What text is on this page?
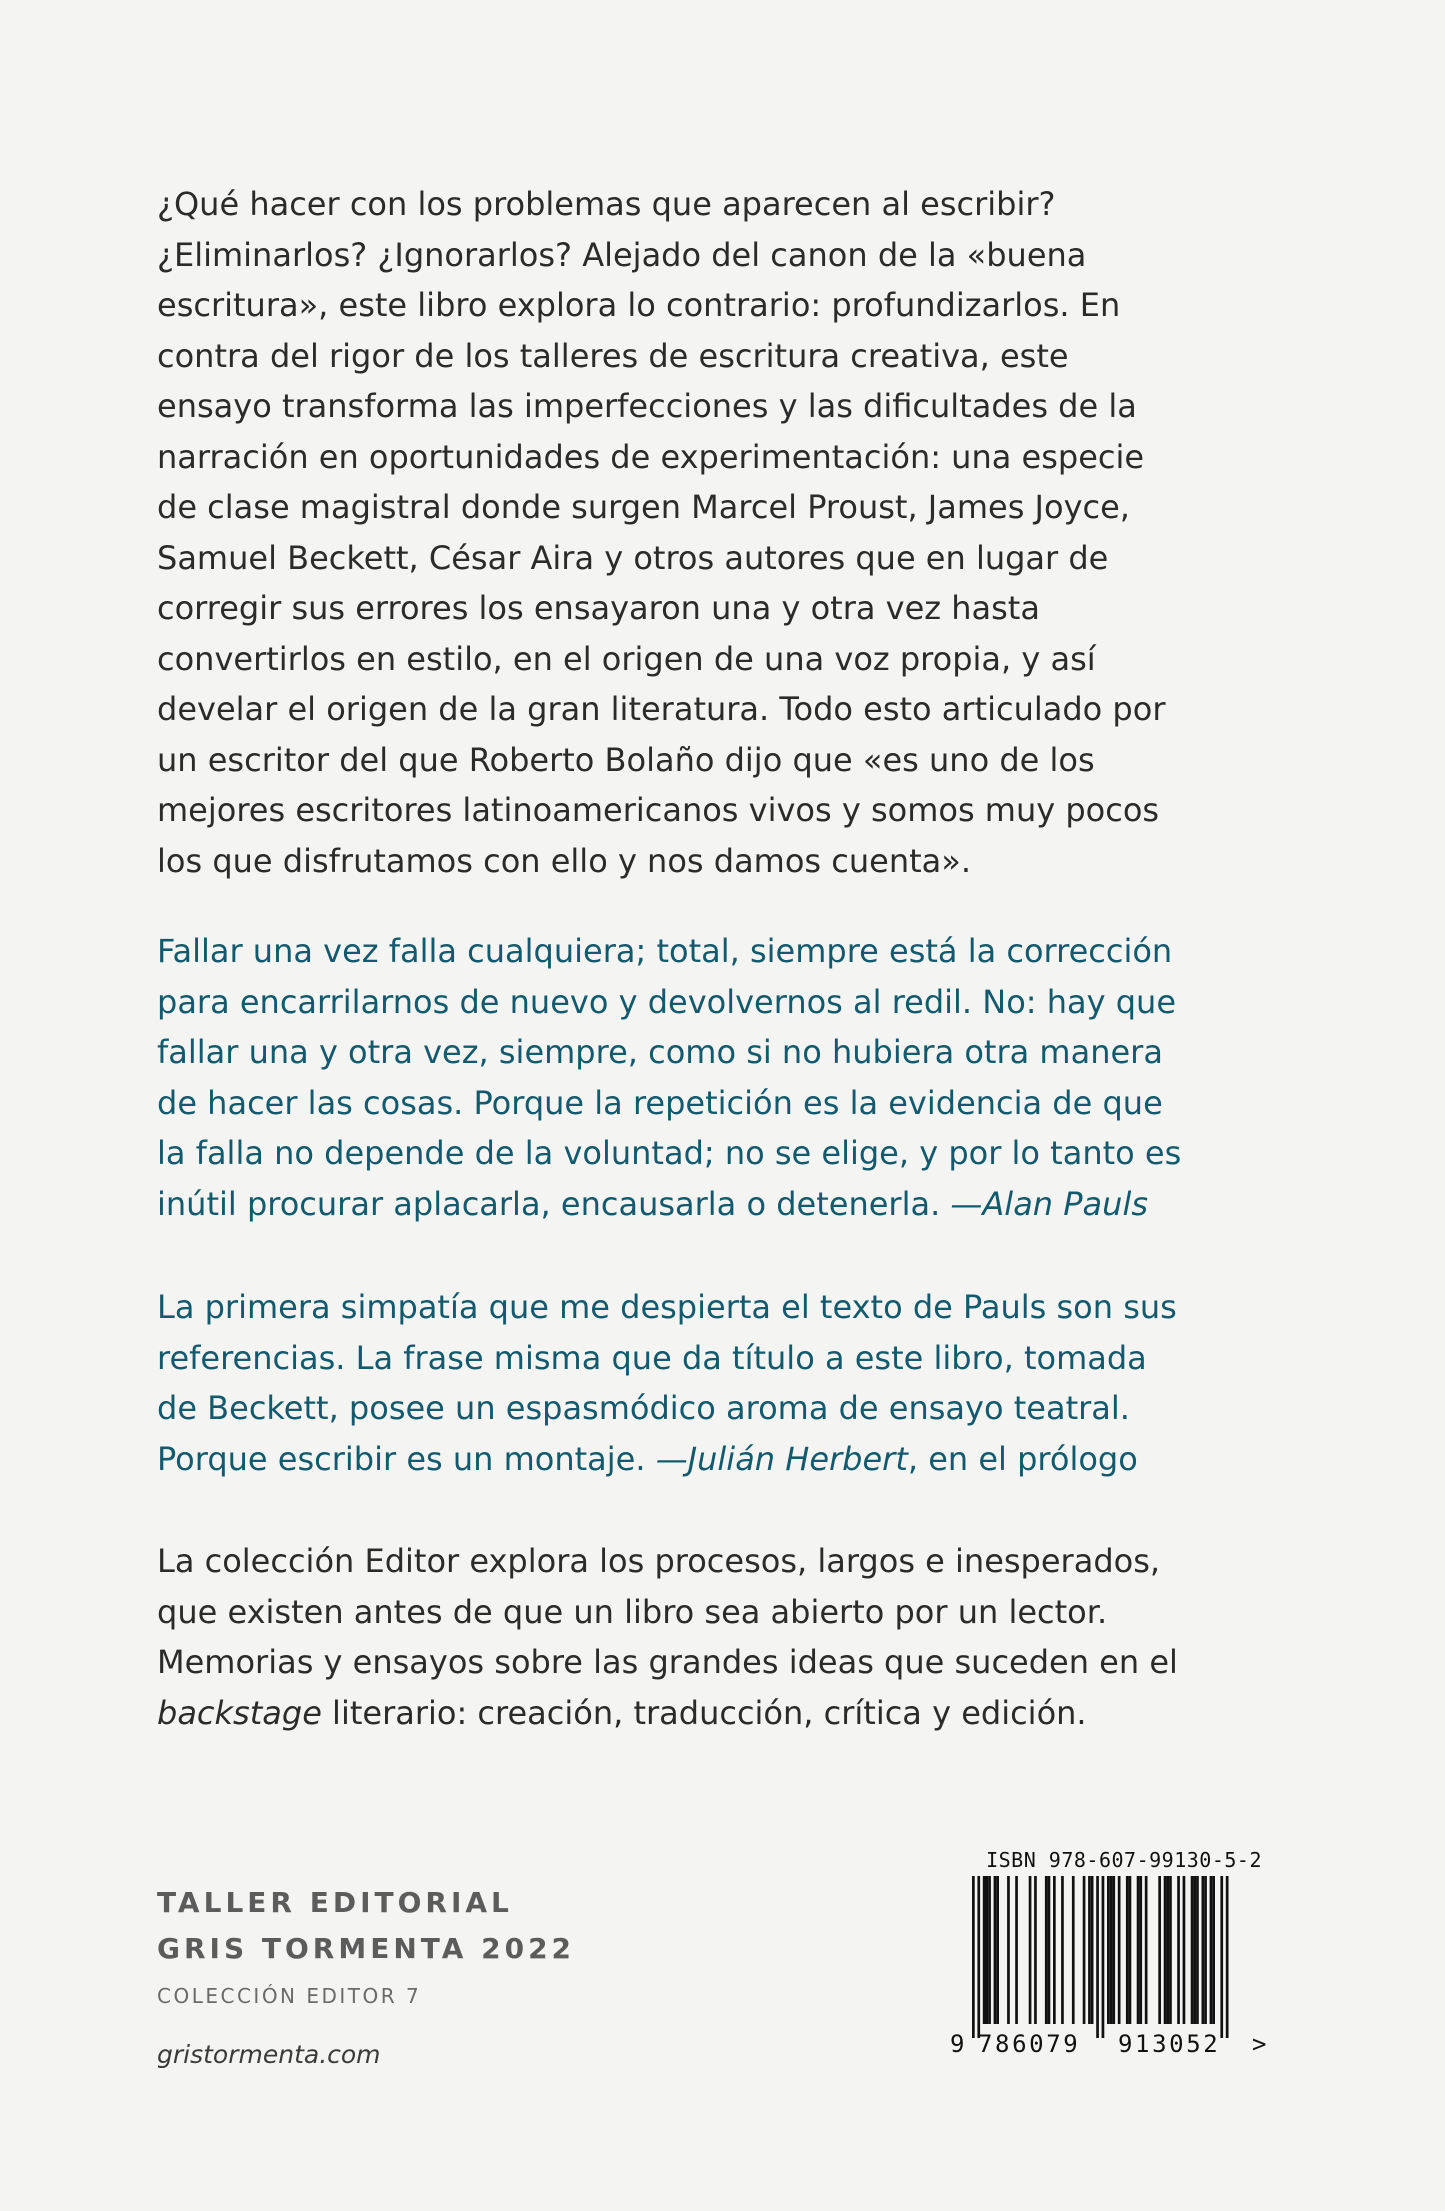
¿Qué hacer con los problemas que aparecen al escribir?
¿Eliminarlos? ¿Ignorarlos? Alejado del canon de la «buena
escritura», este libro explora lo contrario: profundizarlos. En
contra del rigor de los talleres de escritura creativa, este
ensayo transforma las imperfecciones y las dificultades de la
narración en oportunidades de experimentación: una especie
de clase magistral donde surgen Marcel Proust, James Joyce,
Samuel Beckett, César Aira y otros autores que en lugar de
corregir sus errores los ensayaron una y otra vez hasta
convertirlos en estilo, en el origen de una voz propia, y así
develar el origen de la gran literatura. Todo esto articulado por
un escritor del que Roberto Bolaño dijo que «es uno de los
mejores escritores latinoamericanos vivos y somos muy pocos
los que disfrutamos con ello y nos damos cuenta».
Fallar una vez falla cualquiera; total, siempre está la corrección
para encarrilarnos de nuevo y devolvernos al redil. No: hay que
fallar una y otra vez, siempre, como si no hubiera otra manera
de hacer las cosas. Porque la repetición es la evidencia de que
la falla no depende de la voluntad; no se elige, y por lo tanto es
inútil procurar aplacarla, encausarla o detenerla. —Alan Pauls
La primera simpatía que me despierta el texto de Pauls son sus
referencias. La frase misma que da título a este libro, tomada
de Beckett, posee un espasmódico aroma de ensayo teatral.
Porque escribir es un montaje. —Julián Herbert, en el prólogo
La colección Editor explora los procesos, largos e inesperados,
que existen antes de que un libro sea abierto por un lector.
Memorias y ensayos sobre las grandes ideas que suceden en el
backstage literario: creación, traducción, crítica y edición.

TALLER EDITORIAL

GRIS TORMENTA 2022

COLECCIÓN EDITOR 7

gristormenta.com

ISBN 978-607-99130-5-2
9 786079 913052 >
